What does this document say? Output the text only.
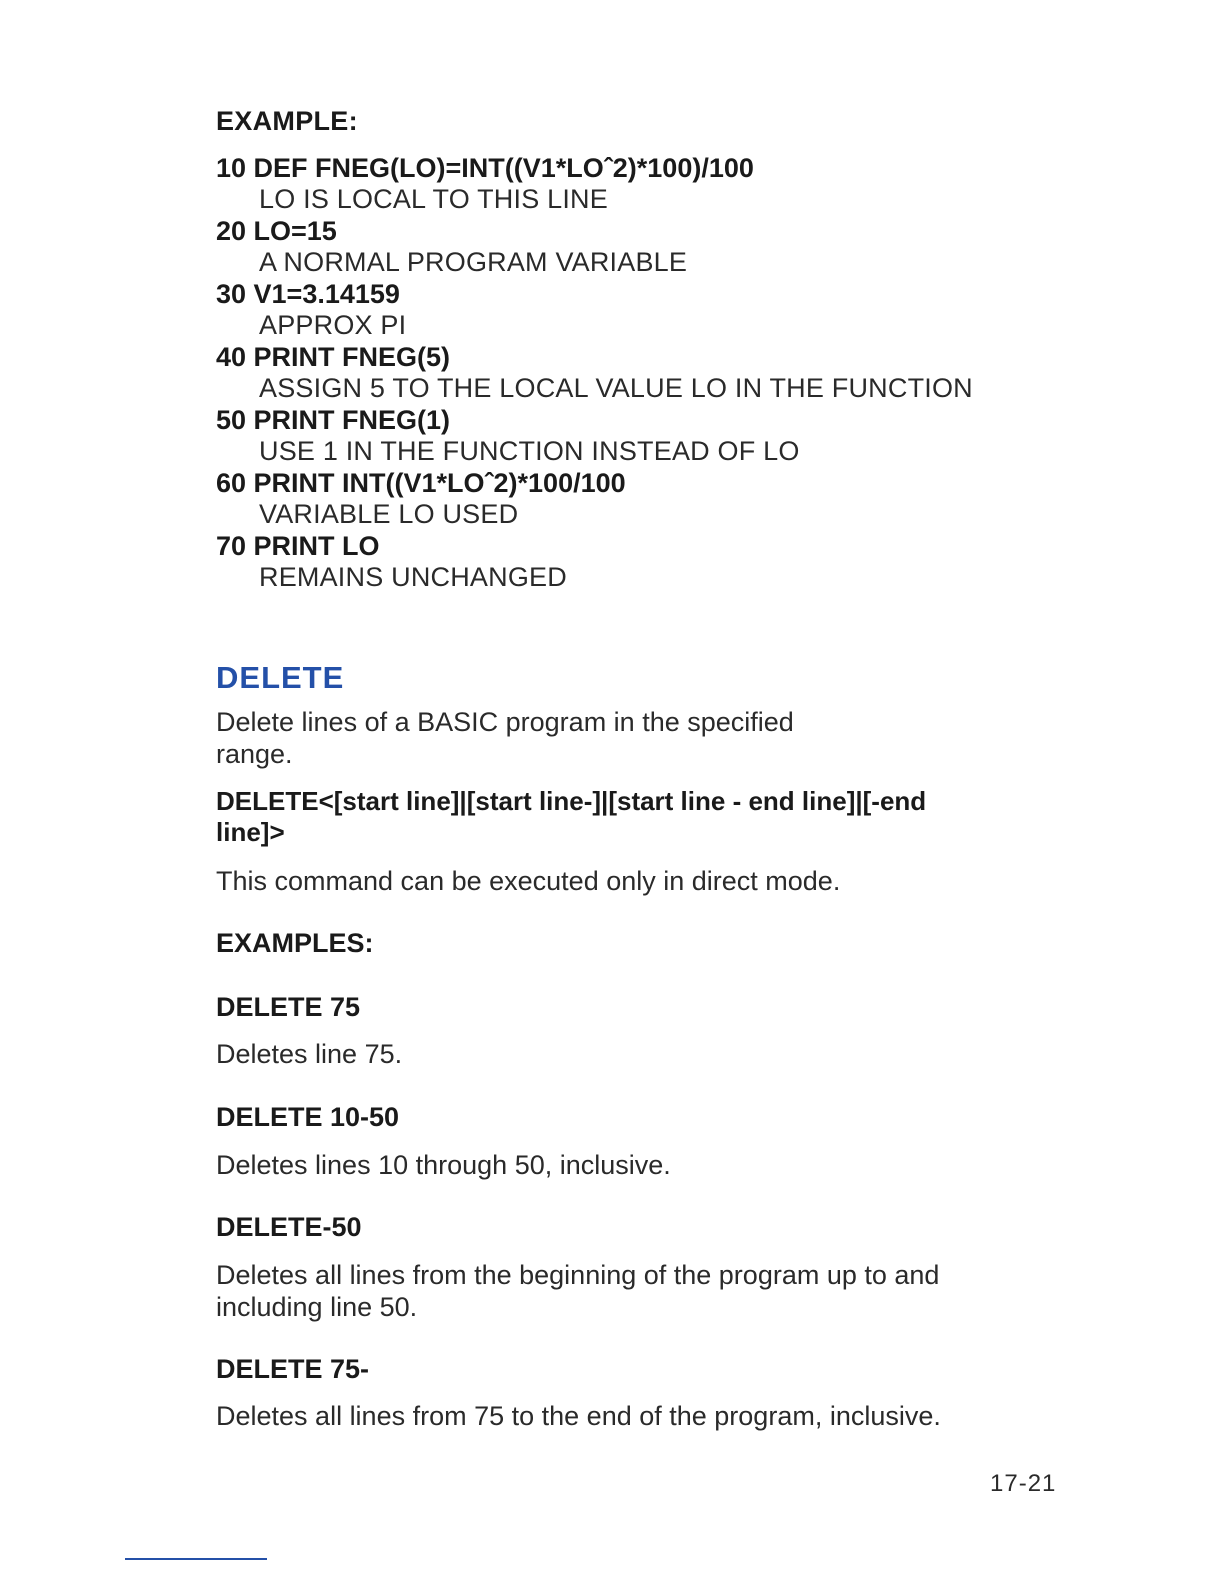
EXAMPLE:
10 DEF FNEG(LO)=INT((V1*LOˆ2)*100)/100
LO IS LOCAL TO THIS LINE
20 LO=15
A NORMAL PROGRAM VARIABLE
30 V1=3.14159
APPROX PI
40 PRINT FNEG(5)
ASSIGN 5 TO THE LOCAL VALUE LO IN THE FUNCTION
50 PRINT FNEG(1)
USE 1 IN THE FUNCTION INSTEAD OF LO
60 PRINT INT((V1*LOˆ2)*100/100
VARIABLE LO USED
70 PRINT LO
REMAINS UNCHANGED
DELETE
Delete lines of a BASIC program in the specified range.
DELETE<[start line]|[start line-]|[start line - end line]|[-end line]>
This command can be executed only in direct mode.
EXAMPLES:
DELETE 75
Deletes line 75.
DELETE 10-50
Deletes lines 10 through 50, inclusive.
DELETE-50
Deletes all lines from the beginning of the program up to and including line 50.
DELETE 75-
Deletes all lines from 75 to the end of the program, inclusive.
17-21
